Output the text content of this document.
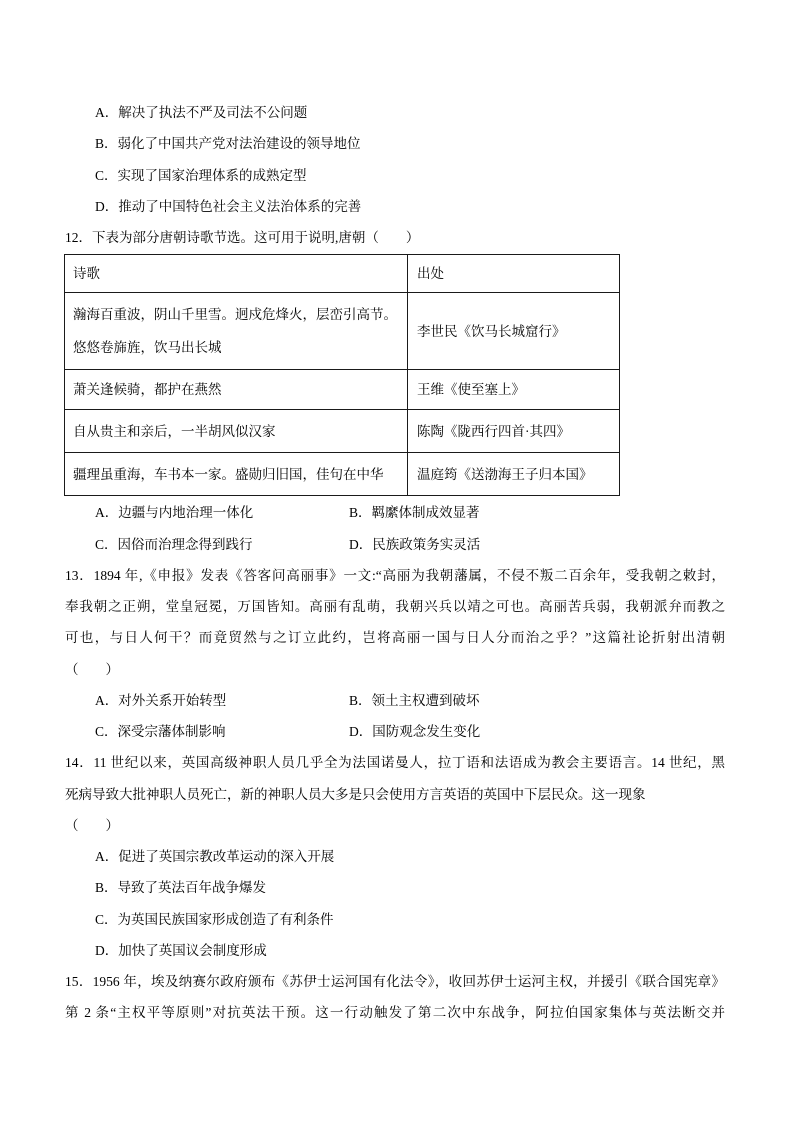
A．解决了执法不严及司法不公问题
B．弱化了中国共产党对法治建设的领导地位
C．实现了国家治理体系的成熟定型
D．推动了中国特色社会主义法治体系的完善
12．下表为部分唐朝诗歌节选。这可用于说明,唐朝（　　）
诗歌	出处
瀚海百重波，阴山千里雪。迥戍危烽火，层峦引高节。悠悠卷旆旌，饮马出长城	李世民《饮马长城窟行》
萧关逢候骑，都护在燕然	王维《使至塞上》
自从贵主和亲后，一半胡风似汉家	陈陶《陇西行四首·其四》
疆理虽重海，车书本一家。盛勋归旧国，佳句在中华	温庭筠《送渤海王子归本国》
A．边疆与内地治理一体化	B．羁縻体制成效显著
C．因俗而治理念得到践行	D．民族政策务实灵活
13．1894 年,《申报》发表《答客问高丽事》一文:“高丽为我朝藩属，不侵不叛二百余年，受我朝之敕封，
奉我朝之正朔，堂皇冠冕，万国皆知。高丽有乱萌，我朝兴兵以靖之可也。高丽苦兵弱，我朝派弁而教之
可也，与日人何干？而竟贸然与之订立此约，岂将高丽一国与日人分而治之乎？”这篇社论折射出清朝
（　　）
A．对外关系开始转型	B．领土主权遭到破坏
C．深受宗藩体制影响	D．国防观念发生变化
14．11 世纪以来，英国高级神职人员几乎全为法国诺曼人，拉丁语和法语成为教会主要语言。14 世纪，黑
死病导致大批神职人员死亡，新的神职人员大多是只会使用方言英语的英国中下层民众。这一现象
（　　）
A．促进了英国宗教改革运动的深入开展
B．导致了英法百年战争爆发
C．为英国民族国家形成创造了有利条件
D．加快了英国议会制度形成
15．1956 年，埃及纳赛尔政府颁布《苏伊士运河国有化法令》，收回苏伊士运河主权，并援引《联合国宪章》
第 2 条“主权平等原则”对抗英法干预。这一行动触发了第二次中东战争，阿拉伯国家集体与英法断交并
